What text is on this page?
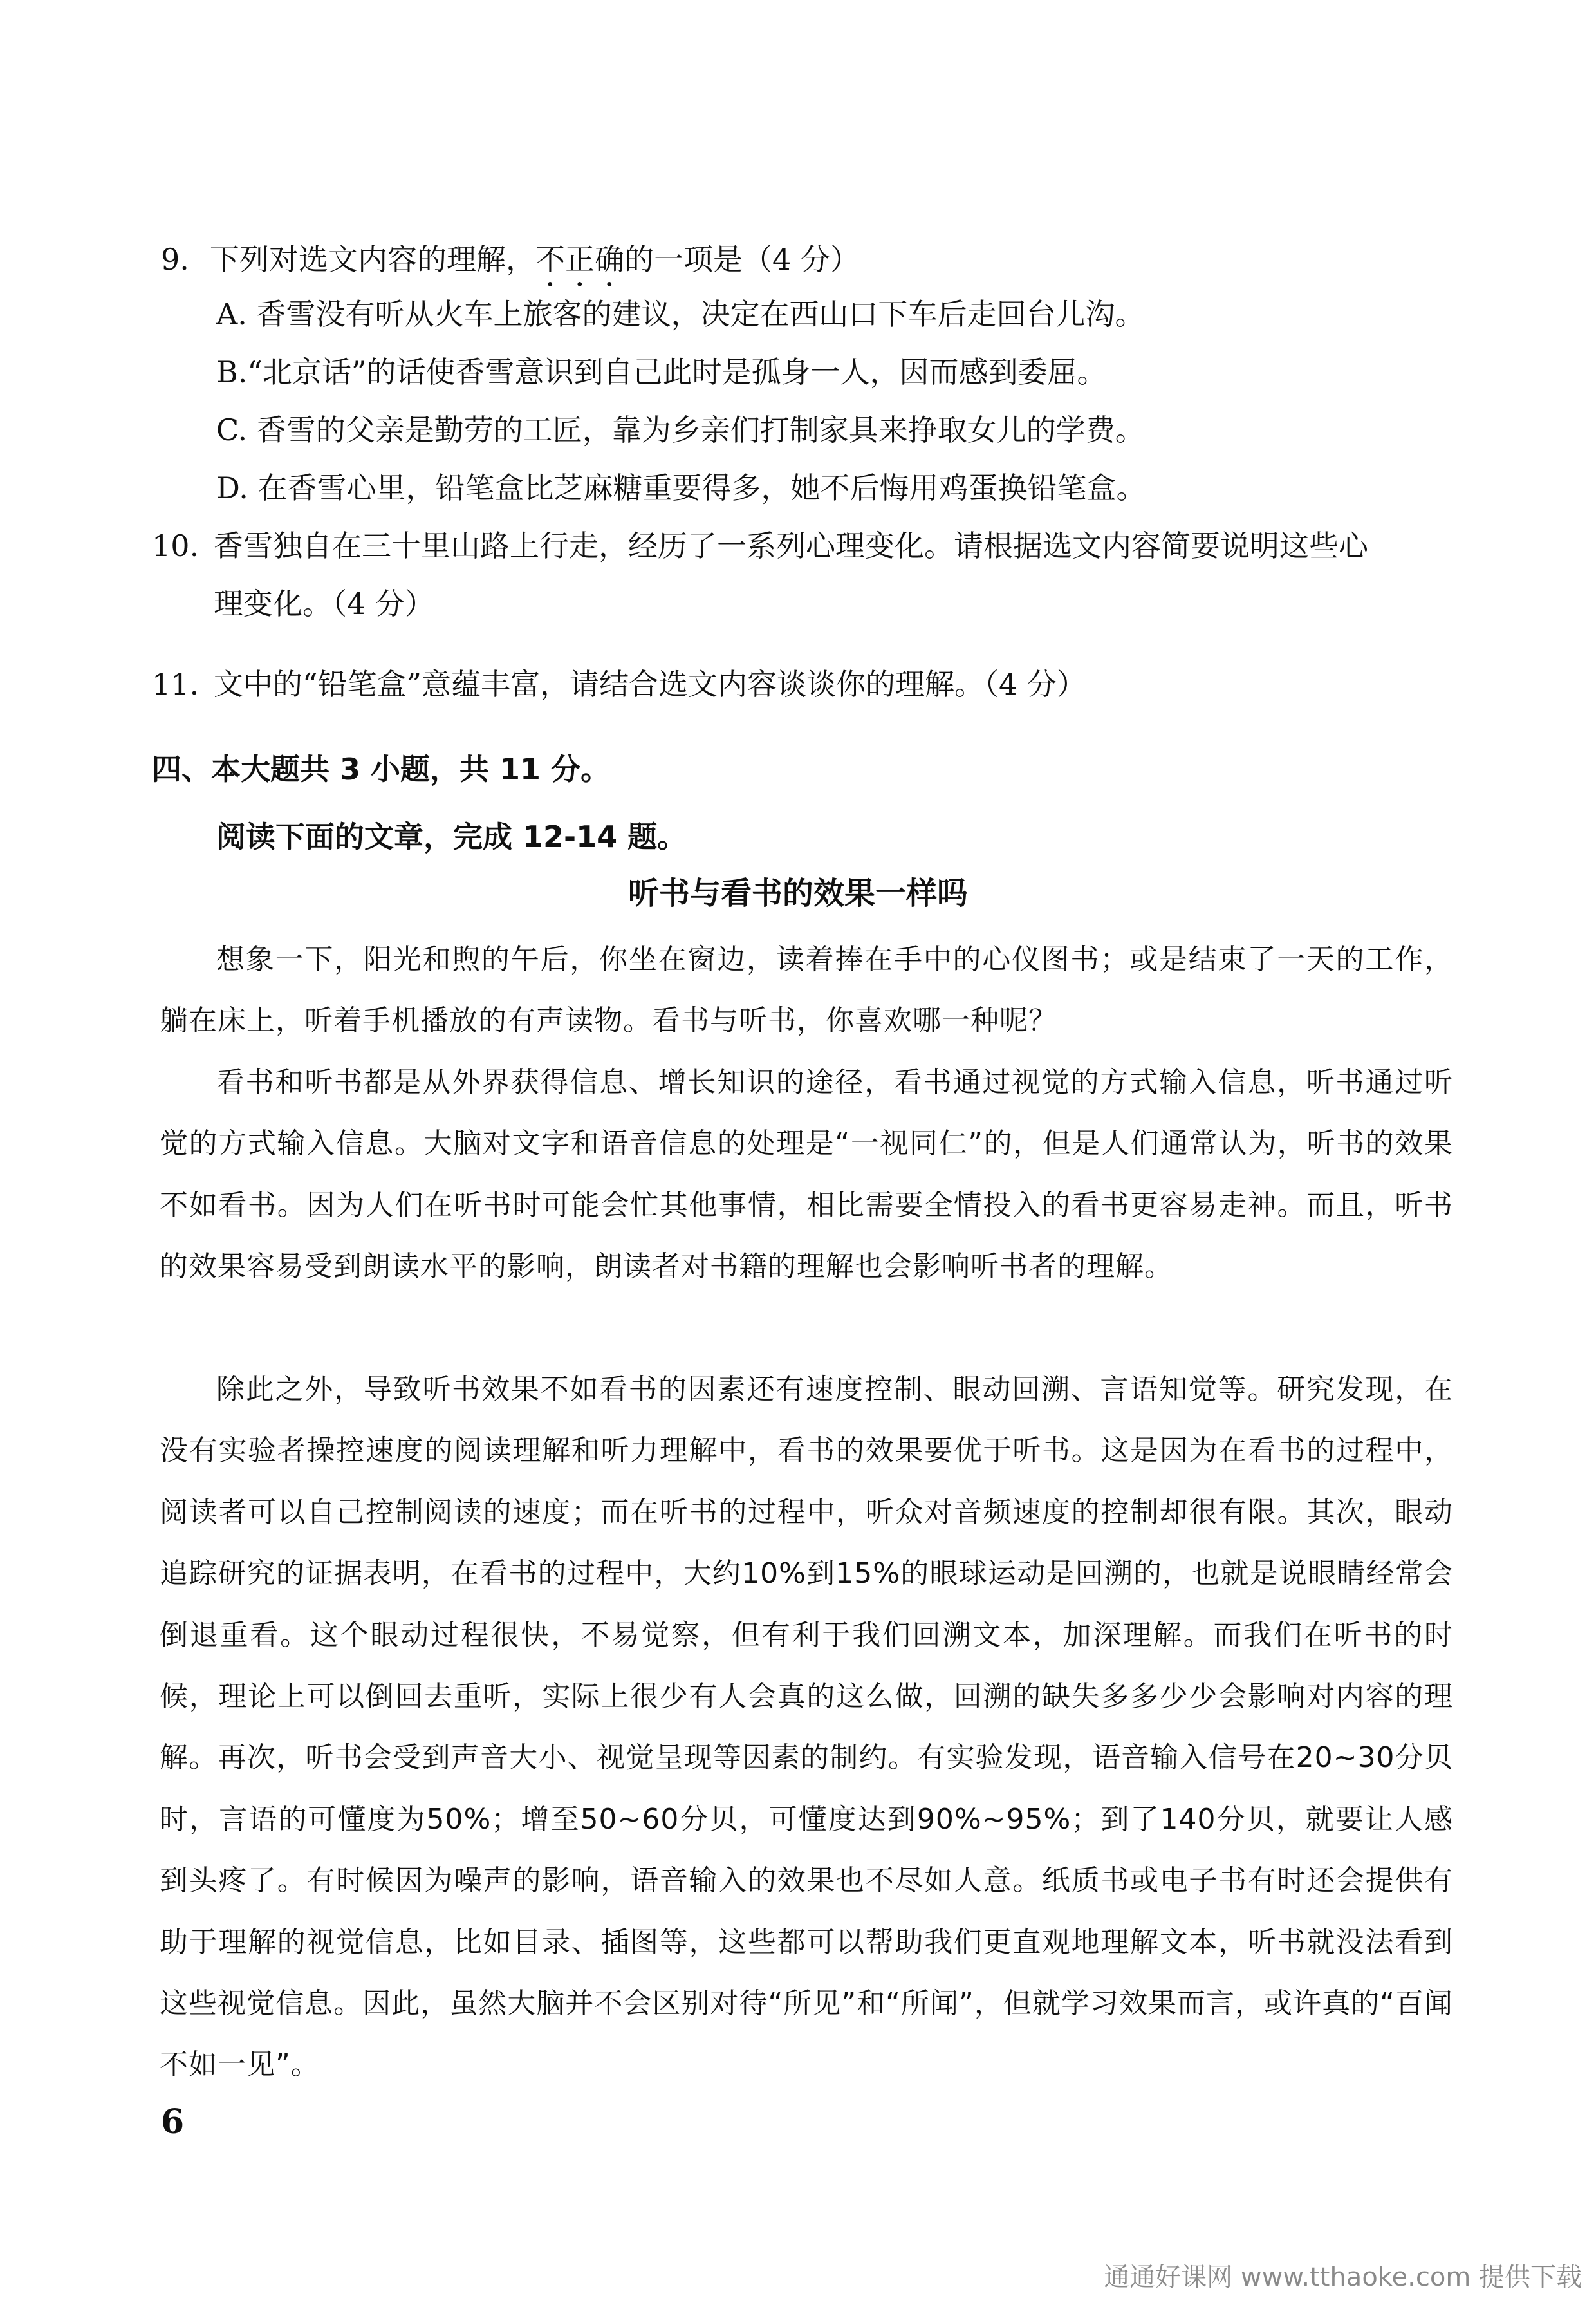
9. 下列对选文内容的理解，不正确的一项是（4 分）
A. 香雪没有听从火车上旅客的建议，决定在西山口下车后走回台儿沟。
B.“北京话”的话使香雪意识到自己此时是孤身一人，因而感到委屈。
C. 香雪的父亲是勤劳的工匠，靠为乡亲们打制家具来挣取女儿的学费。
D. 在香雪心里，铅笔盒比芝麻糖重要得多，她不后悔用鸡蛋换铅笔盒。
10. 香雪独自在三十里山路上行走，经历了一系列心理变化。请根据选文内容简要说明这些心
理变化。（4 分）
11. 文中的“铅笔盒”意蕴丰富，请结合选文内容谈谈你的理解。（4 分）
四、本大题共 3 小题，共 11 分。
阅读下面的文章，完成 12-14 题。
听书与看书的效果一样吗
想象一下，阳光和煦的午后，你坐在窗边，读着捧在手中的心仪图书；或是结束了一天的工作，躺在床上，听着手机播放的有声读物。看书与听书，你喜欢哪一种呢？
看书和听书都是从外界获得信息、增长知识的途径，看书通过视觉的方式输入信息，听书通过听觉的方式输入信息。大脑对文字和语音信息的处理是“一视同仁”的，但是人们通常认为，听书的效果不如看书。因为人们在听书时可能会忙其他事情，相比需要全情投入的看书更容易走神。而且，听书的效果容易受到朗读水平的影响，朗读者对书籍的理解也会影响听书者的理解。
除此之外，导致听书效果不如看书的因素还有速度控制、眼动回溯、言语知觉等。研究发现，在没有实验者操控速度的阅读理解和听力理解中，看书的效果要优于听书。这是因为在看书的过程中，阅读者可以自己控制阅读的速度；而在听书的过程中，听众对音频速度的控制却很有限。其次，眼动追踪研究的证据表明，在看书的过程中，大约10%到15%的眼球运动是回溯的，也就是说眼睛经常会倒退重看。这个眼动过程很快，不易觉察，但有利于我们回溯文本，加深理解。而我们在听书的时候，理论上可以倒回去重听，实际上很少有人会真的这么做，回溯的缺失多多少少会影响对内容的理解。再次，听书会受到声音大小、视觉呈现等因素的制约。有实验发现，语音输入信号在20~30分贝时，言语的可懂度为50%；增至50~60分贝，可懂度达到90%~95%；到了140分贝，就要让人感到头疼了。有时候因为噪声的影响，语音输入的效果也不尽如人意。纸质书或电子书有时还会提供有助于理解的视觉信息，比如目录、插图等，这些都可以帮助我们更直观地理解文本，听书就没法看到这些视觉信息。因此，虽然大脑并不会区别对待“所见”和“所闻”，但就学习效果而言，或许真的“百闻不如一见”。
6
通通好课网 www.tthaoke.com 提供下载
